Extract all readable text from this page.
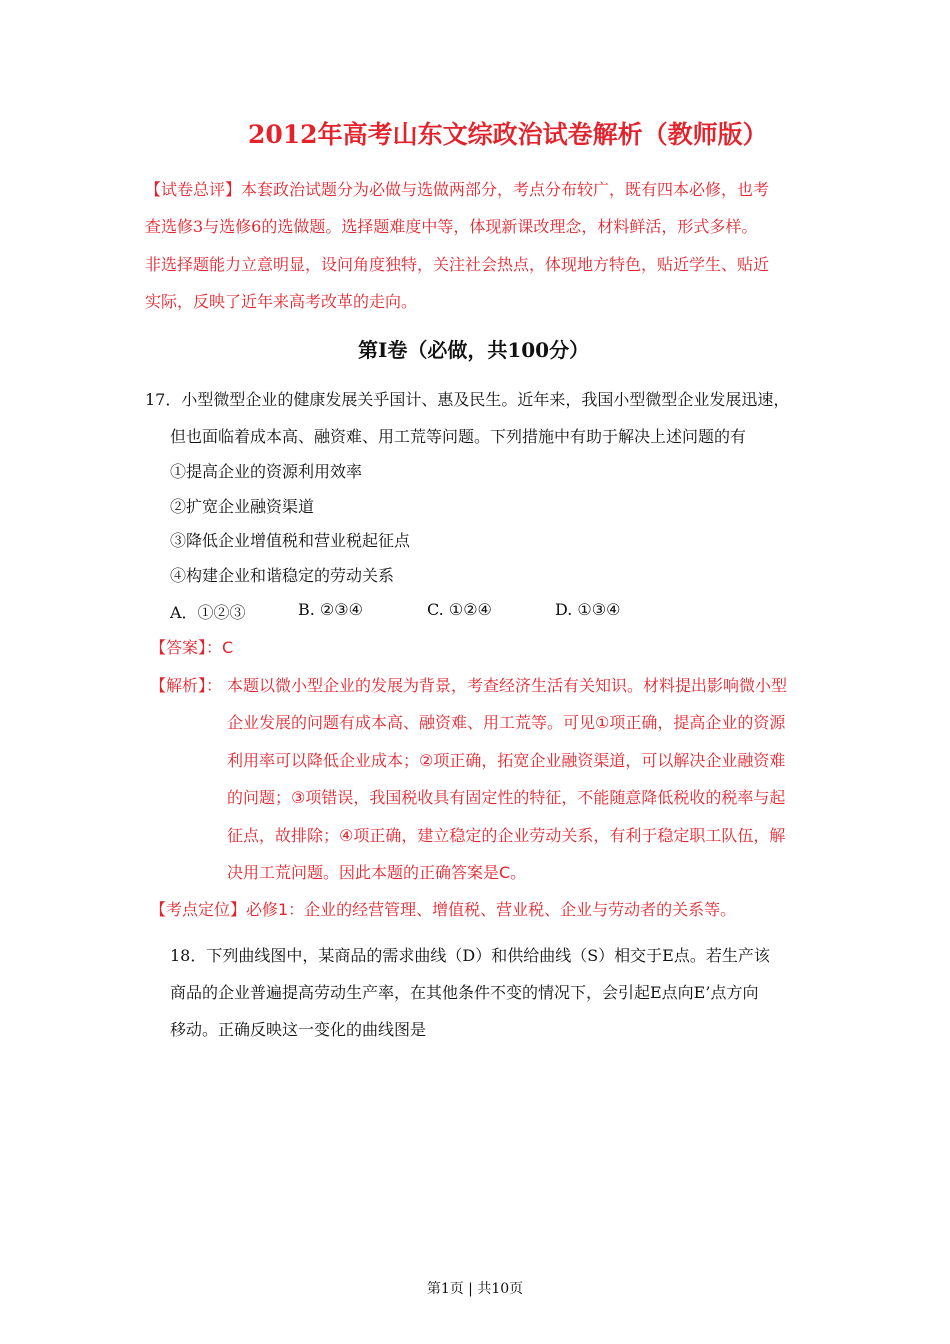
2012年高考山东文综政治试卷解析（教师版）
【试卷总评】本套政治试题分为必做与选做两部分，考点分布较广，既有四本必修，也考
查选修3与选修6的选做题。选择题难度中等，体现新课改理念，材料鲜活，形式多样。
非选择题能力立意明显，设问角度独特，关注社会热点，体现地方特色，贴近学生、贴近
实际，反映了近年来高考改革的走向。
第Ⅰ卷（必做，共100分）
17．小型微型企业的健康发展关乎国计、惠及民生。近年来，我国小型微型企业发展迅速，
但也面临着成本高、融资难、用工荒等问题。下列措施中有助于解决上述问题的有
①提高企业的资源利用效率
②扩宽企业融资渠道
③降低企业增值税和营业税起征点
④构建企业和谐稳定的劳动关系
A．①②③	B. ②③④	C. ①②④	D. ①③④
【答案】：C
【解析】： 本题以微小型企业的发展为背景，考查经济生活有关知识。材料提出影响微小型
企业发展的问题有成本高、融资难、用工荒等。可见①项正确，提高企业的资源
利用率可以降低企业成本；②项正确，拓宽企业融资渠道，可以解决企业融资难
的问题；③项错误，我国税收具有固定性的特征，不能随意降低税收的税率与起
征点，故排除；④项正确，建立稳定的企业劳动关系，有利于稳定职工队伍，解
决用工荒问题。因此本题的正确答案是C。
【考点定位】必修1：企业的经营管理、增值税、营业税、企业与劳动者的关系等。
18．下列曲线图中，某商品的需求曲线（D）和供给曲线（S）相交于E点。若生产该
商品的企业普遍提高劳动生产率，在其他条件不变的情况下，会引起E点向E’点方向
移动。正确反映这一变化的曲线图是
第1页 | 共10页
